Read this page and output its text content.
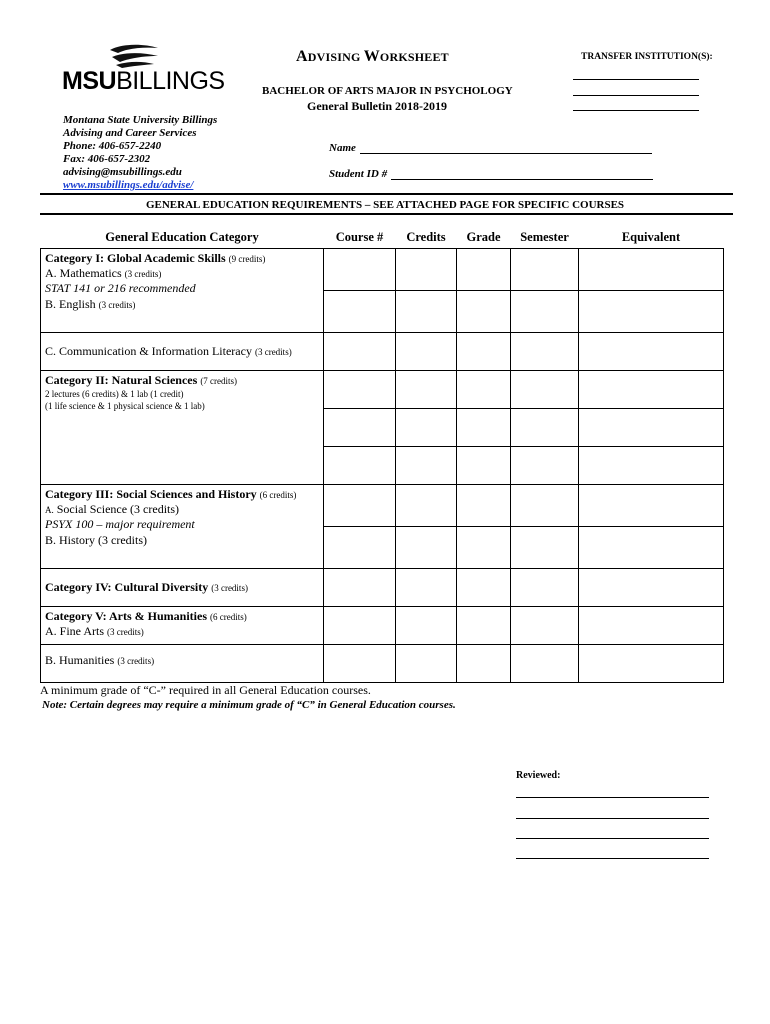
MSUBILLINGS
Montana State University Billings
Advising and Career Services
Phone: 406-657-2240
Fax: 406-657-2302
advising@msubillings.edu
www.msubillings.edu/advise/
ADVISING WORKSHEET
BACHELOR OF ARTS MAJOR IN PSYCHOLOGY
General Bulletin 2018-2019
TRANSFER INSTITUTION(S):
Name
Student ID #
GENERAL EDUCATION REQUIREMENTS – SEE ATTACHED PAGE FOR SPECIFIC COURSES
General Education Category	Course #	Credits	Grade	Semester	Equivalent

Category I: Global Academic Skills (9 credits)
A. Mathematics (3 credits)
STAT 141 or 216 recommended
B. English (3 credits)					

C. Communication & Information Literacy (3 credits)					

Category II: Natural Sciences (7 credits)
2 lectures (6 credits) & 1 lab (1 credit)
(1 life science & 1 physical science & 1 lab)					

Category III: Social Sciences and History (6 credits)
A. Social Science (3 credits)
PSYX 100 – major requirement
B. History (3 credits)					

Category IV: Cultural Diversity (3 credits)					

Category V: Arts & Humanities (6 credits)
A. Fine Arts (3 credits)					

B. Humanities (3 credits)					
A minimum grade of “C-” required in all General Education courses.
Note: Certain degrees may require a minimum grade of “C” in General Education courses.
Reviewed:
